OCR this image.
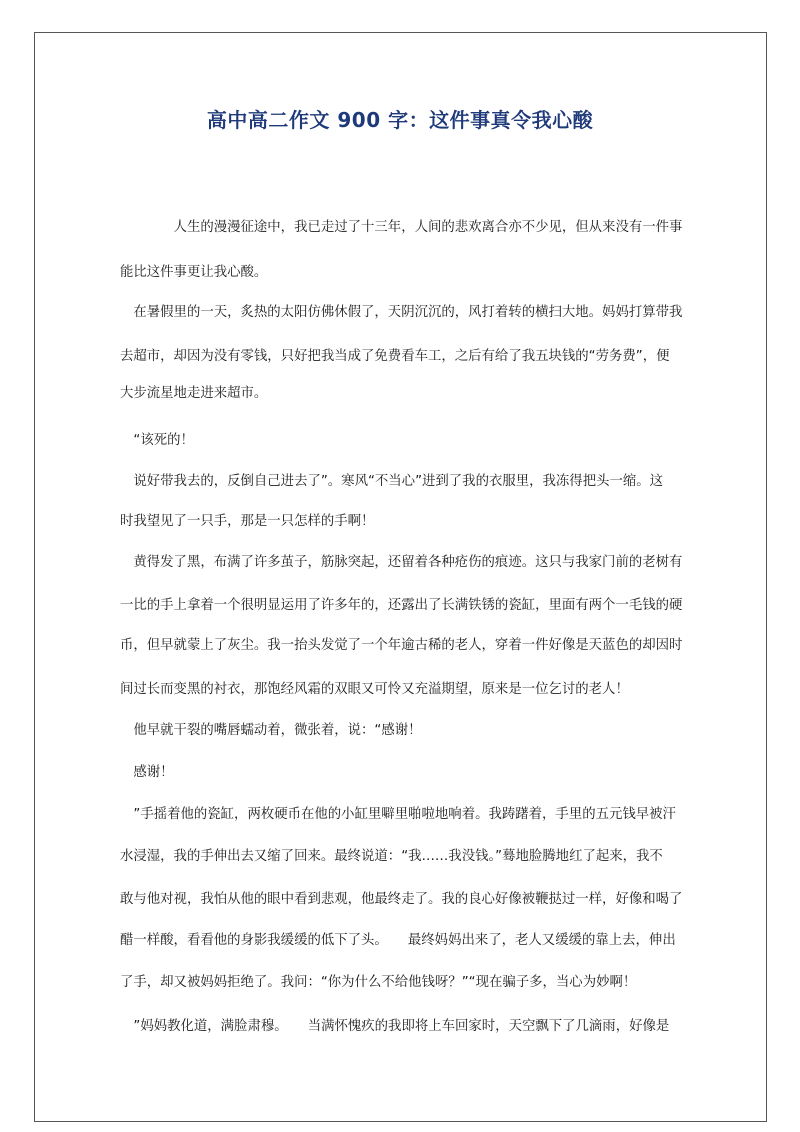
高中高二作文 900 字：这件事真令我心酸
　　　　人生的漫漫征途中，我已走过了十三年，人间的悲欢离合亦不少见，但从来没有一件事
能比这件事更让我心酸。
　在暑假里的一天，炙热的太阳仿佛休假了，天阴沉沉的，风打着转的横扫大地。妈妈打算带我
去超市，却因为没有零钱，只好把我当成了免费看车工，之后有给了我五块钱的“劳务费”，便
大步流星地走进来超市。
　“该死的！
　说好带我去的，反倒自己进去了”。寒风“不当心”进到了我的衣服里，我冻得把头一缩。这
时我望见了一只手，那是一只怎样的手啊！
　黄得发了黑，布满了许多茧子，筋脉突起，还留着各种疮伤的痕迹。这只与我家门前的老树有
一比的手上拿着一个很明显运用了许多年的，还露出了长满铁锈的瓷缸，里面有两个一毛钱的硬
币，但早就蒙上了灰尘。我一抬头发觉了一个年逾古稀的老人，穿着一件好像是天蓝色的却因时
间过长而变黑的衬衣，那饱经风霜的双眼又可怜又充溢期望，原来是一位乞讨的老人！
　他早就干裂的嘴唇蠕动着，微张着，说：“感谢！
　感谢！
　”手摇着他的瓷缸，两枚硬币在他的小缸里噼里啪啦地响着。我踌躇着，手里的五元钱早被汗
水浸湿，我的手伸出去又缩了回来。最终说道：“我……我没钱。”蓦地脸腾地红了起来，我不
敢与他对视，我怕从他的眼中看到悲观，他最终走了。我的良心好像被鞭挞过一样，好像和喝了
醋一样酸，看看他的身影我缓缓的低下了头。　　最终妈妈出来了，老人又缓缓的靠上去，伸出
了手，却又被妈妈拒绝了。我问：“你为什么不给他钱呀？”“现在骗子多，当心为妙啊！
　”妈妈教化道，满脸肃穆。　　当满怀愧疚的我即将上车回家时，天空飘下了几滴雨，好像是
